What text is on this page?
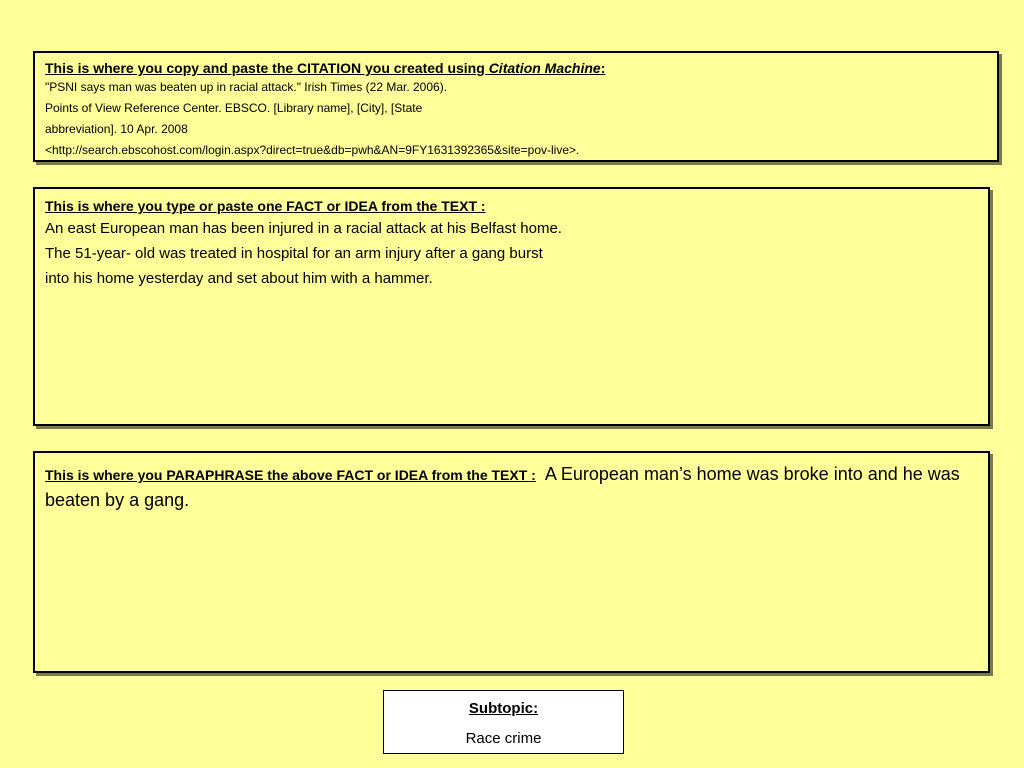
This is where you copy and paste the CITATION you created using Citation Machine:
"PSNI says man was beaten up in racial attack." Irish Times (22 Mar. 2006).
Points of View Reference Center. EBSCO. [Library name], [City], [State
abbreviation]. 10 Apr. 2008
<http://search.ebscohost.com/login.aspx?direct=true&db=pwh&AN=9FY1631392365&site=pov-live>.
This is where you type or paste one FACT or IDEA from the TEXT :
An east European man has been injured in a racial attack at his Belfast home.
The 51-year- old was treated in hospital for an arm injury after a gang burst
into his home yesterday and set about him with a hammer.
This is where you PARAPHRASE the above FACT or IDEA from the TEXT : A European man’s home was broke into and he was beaten by a gang.
Subtopic:
Race crime
